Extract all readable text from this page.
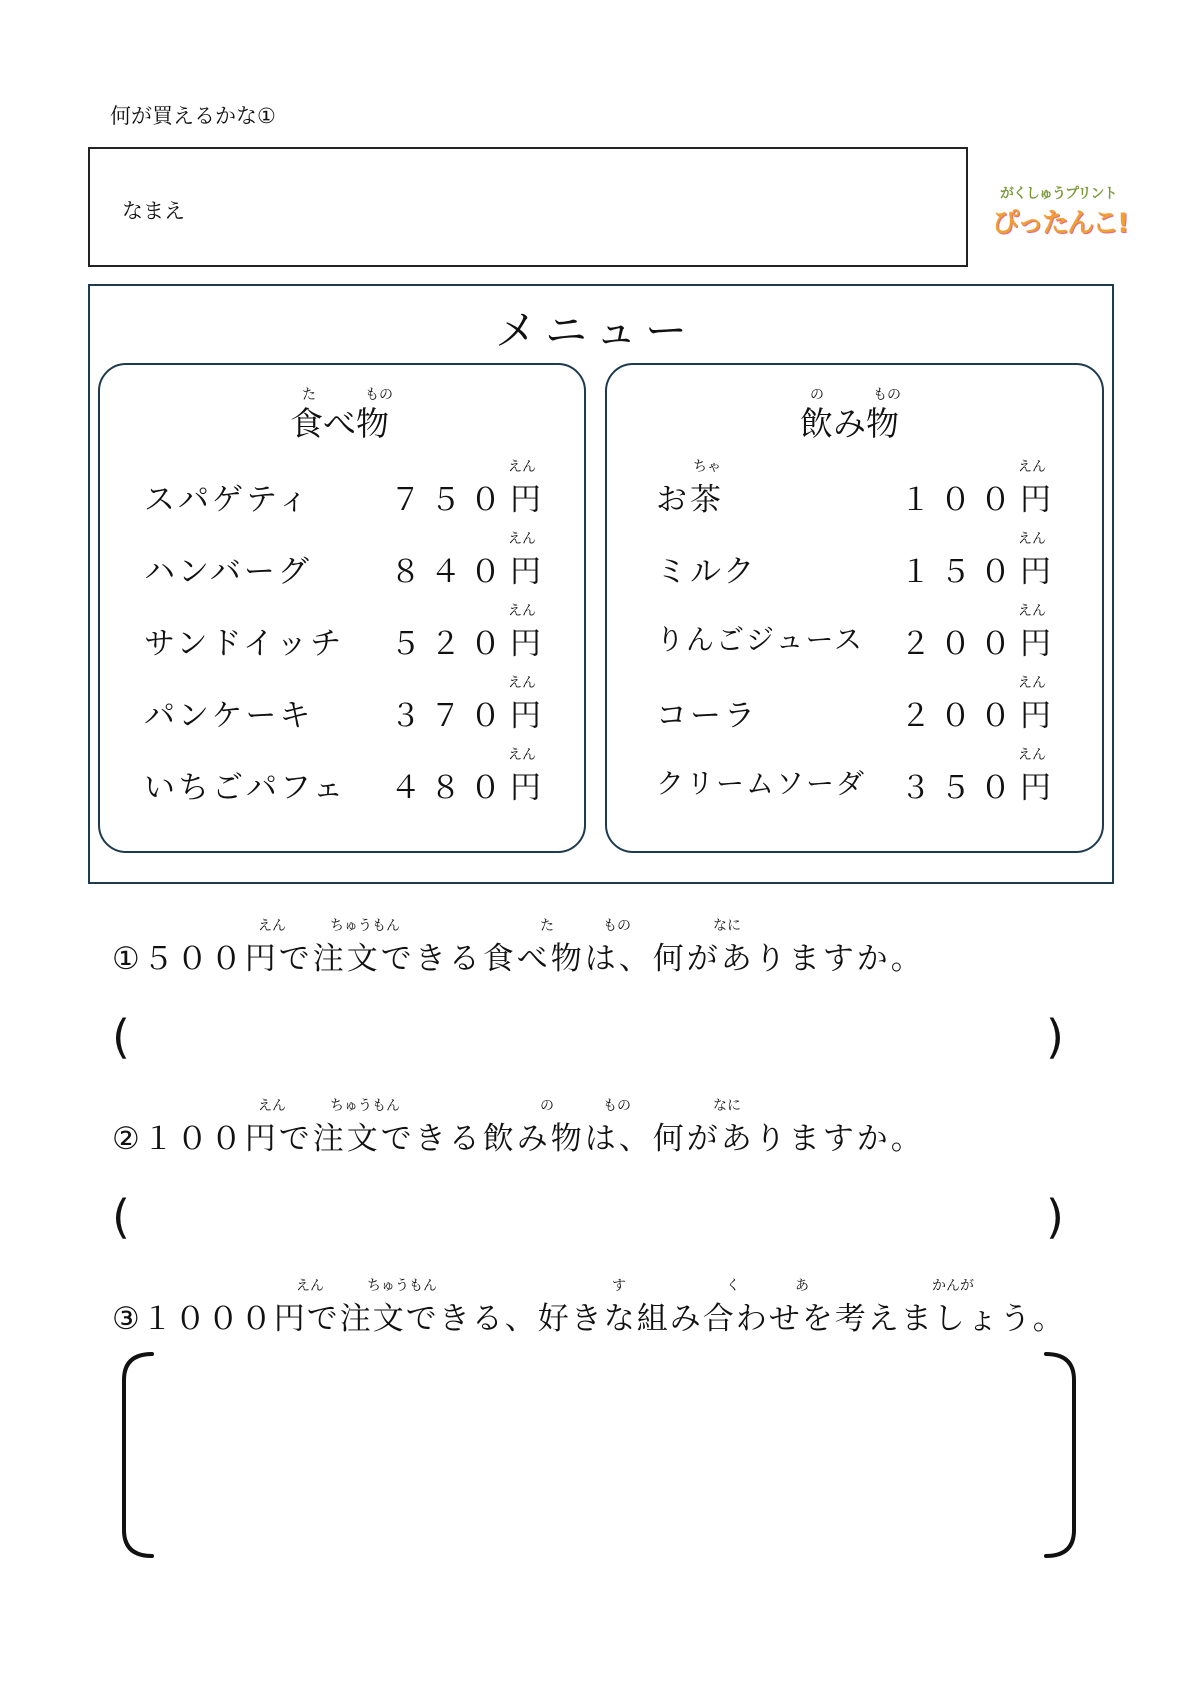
何が買えるかな①
なまえ
がくしゅうプリント
ぴったんこ!
メニュー
た	もの
食べ物
の	もの
飲み物
えん
スパゲティ	７５０円
えん
ハンバーグ	８４０円
えん
サンドイッチ	５２０円
えん
パンケーキ	３７０円
えん
いちごパフェ	４８０円
ちゃ	えん
お茶	１００円
えん
ミルク	１５０円
えん
りんごジュース	２００円
えん
コーラ	２００円
えん
クリームソーダ	３５０円
えん	ちゅうもん	た	もの	なに
①５００円で注文できる食べ物は、何がありますか。
(	)
えん	ちゅうもん	の	もの	なに
②１００円で注文できる飲み物は、何がありますか。
(	)
えん	ちゅうもん	す	く	あ	かんが
③１０００円で注文できる、好きな組み合わせを考えましょう。
